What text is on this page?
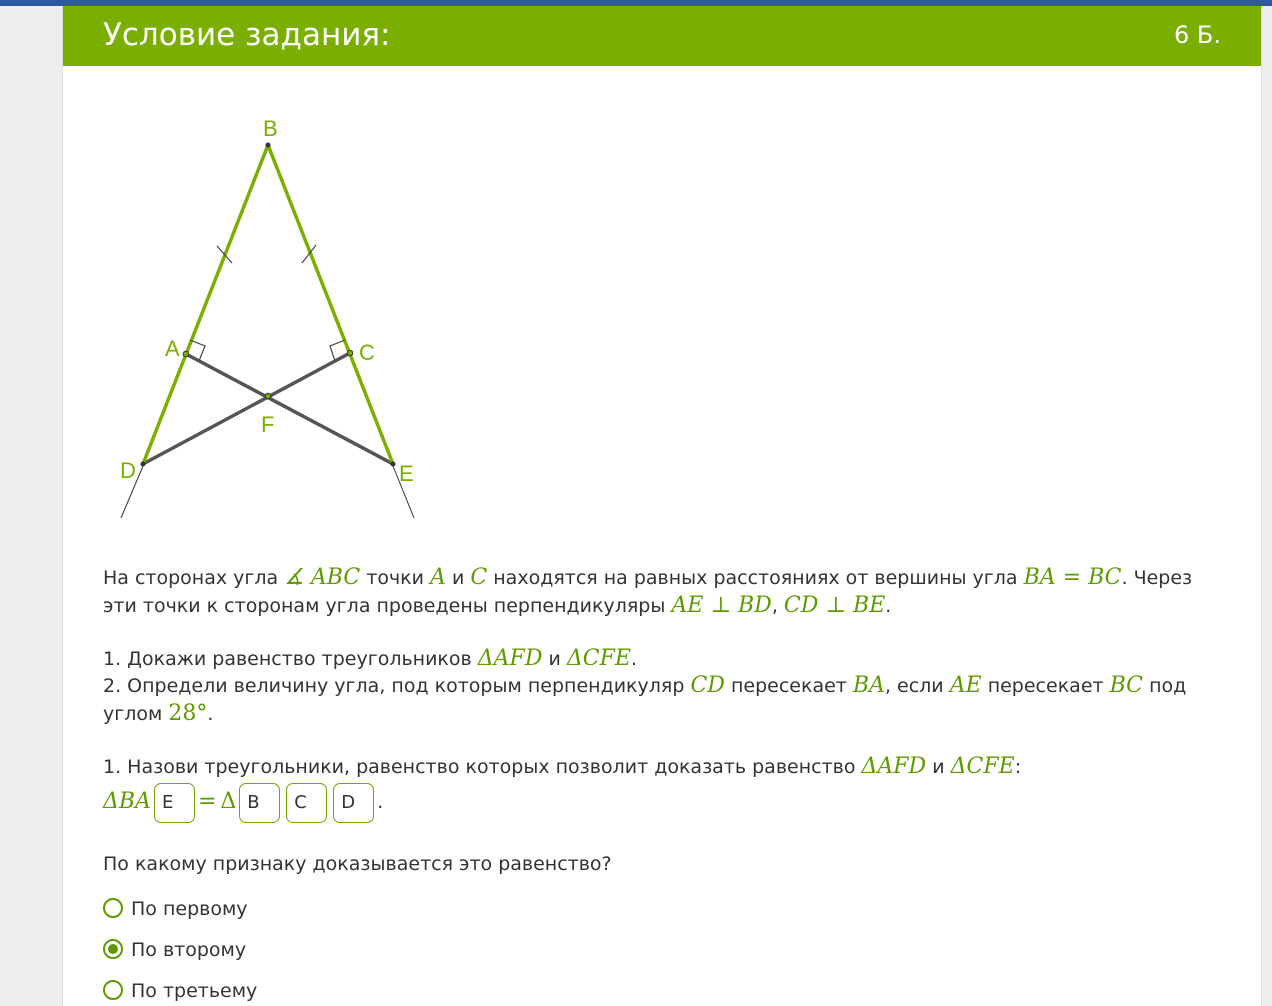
Условие задания:	6 Б.
B
A	C
F
D	E
На сторонах угла ∡ ABC точки A и C находятся на равных расстояниях от вершины угла BA = BC. Через эти точки к сторонам угла проведены перпендикуляры AE ⊥ BD, CD ⊥ BE.
1. Докажи равенство треугольников ΔAFD и ΔCFE.
2. Определи величину угла, под которым перпендикуляр CD пересекает BA, если AE пересекает BC под углом 28°.
1. Назови треугольники, равенство которых позволит доказать равенство ΔAFD и ΔCFE:
ΔBA E = Δ B C D .
По какому признаку доказывается это равенство?
По первому
По второму
По третьему
